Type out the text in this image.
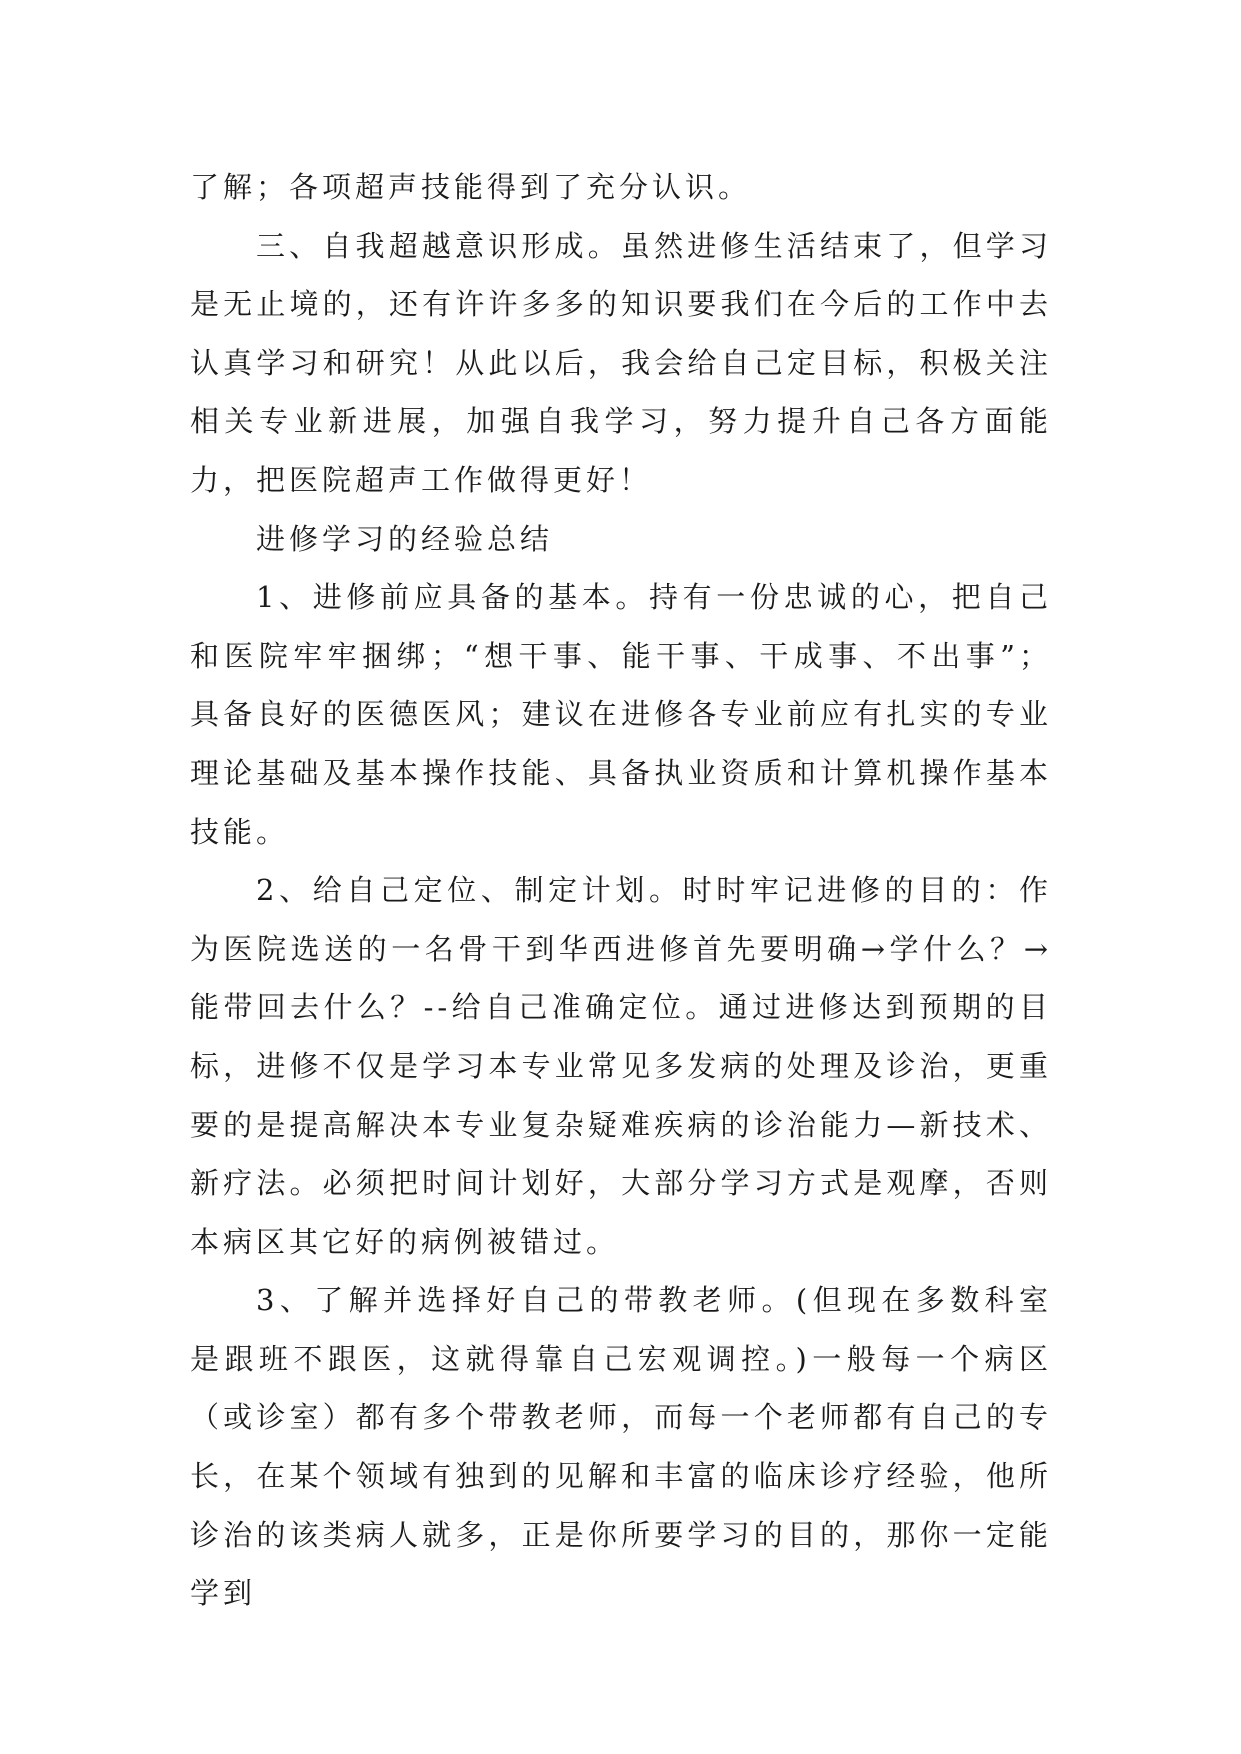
了解；各项超声技能得到了充分认识。

三、自我超越意识形成。虽然进修生活结束了，但学习是无止境的，还有许许多多的知识要我们在今后的工作中去认真学习和研究！从此以后，我会给自己定目标，积极关注相关专业新进展，加强自我学习，努力提升自己各方面能力，把医院超声工作做得更好！

进修学习的经验总结

1、进修前应具备的基本。持有一份忠诚的心，把自己和医院牢牢捆绑；“想干事、能干事、干成事、不出事”；具备良好的医德医风；建议在进修各专业前应有扎实的专业理论基础及基本操作技能、具备执业资质和计算机操作基本技能。

2、给自己定位、制定计划。时时牢记进修的目的：作为医院选送的一名骨干到华西进修首先要明确→学什么？→能带回去什么？--给自己准确定位。通过进修达到预期的目标，进修不仅是学习本专业常见多发病的处理及诊治，更重要的是提高解决本专业复杂疑难疾病的诊治能力—新技术、新疗法。必须把时间计划好，大部分学习方式是观摩，否则本病区其它好的病例被错过。

3、了解并选择好自己的带教老师。(但现在多数科室是跟班不跟医，这就得靠自己宏观调控。)一般每一个病区（或诊室）都有多个带教老师，而每一个老师都有自己的专长，在某个领域有独到的见解和丰富的临床诊疗经验，他所诊治的该类病人就多，正是你所要学习的目的，那你一定能学到
